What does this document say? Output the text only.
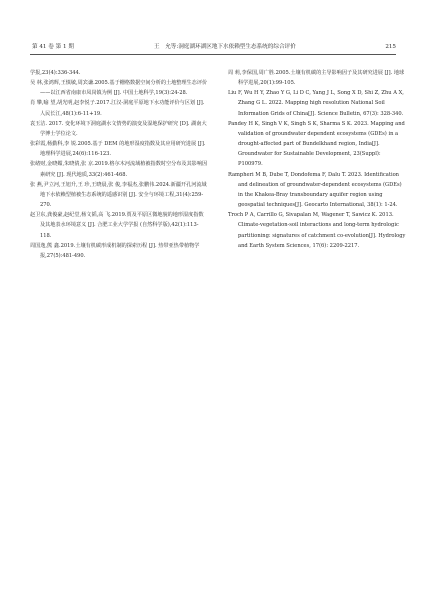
第 41 卷 第 1 期	王　允等:洞庭湖环湖区地下水依赖型生态系统的综合评价	215

学报,23(4):336-344.

吴 林,张鸿辉,王慎敏,周宾谦.2005.基于栅格数据空间分析的土地整理生态评价——以江西省南康市凤岗镇为例 [J]. 中国土地科学,19(3):24-28.

肖 攀,喻 望,胡光明,赵李悦子.2017.江汉-洞庭平原地下水功能评价与区划 [J]. 人民长江,48(1):6-11+19.

袁玉洁. 2017. 变化环境下洞庭湖水文情势的演变及湿地保护研究 [D]. 湖南大学博士学位论文.

张彩霞,杨勤科,李 锐.2005.基于 DEM 的地形湿度指数及其应用研究进展 [J]. 地理科学进展,24(6):116-123.

张绪财,金晓媚,朱晓倩,张 京.2019.格尔木河流域植被指数时空分布及其影响因素研究 [J]. 现代地质,33(2):461-468.

张 燕,尹立河,王旭升,王 珍,王晓晨,张 俊,李福杰,张鹏伟.2024.新疆开孔河流域地下水依赖型植被生态系统的遥感识别 [J]. 安全与环境工程,31(4):259-270.

赵卫东,龚俊豪,赵纪堂,杨文韬,高 飞.2019.贾及平原区微地貌的地形湿度指数及其地表水环境意义 [J]. 合肥工业大学学报 (自然科学版),42(1):113-118.

周国逸,熊 鑫.2019.土壤有机碳形成机制的探索历程 [J]. 热带亚热带植物学报,27(5):481-490.

周 莉,李保国,周广胜.2005.土壤有机碳的主导影响因子及其研究进展 [J]. 地球科学进展,20(1):99-105.

Liu F, Wu H Y, Zhao Y G, Li D C, Yang J L, Song X D, Shi Z, Zhu A X, Zhang G L. 2022. Mapping high resolution National Soil Information Grids of China[J]. Science Bulletin, 67(3): 328-340.

Pandey H K, Singh V K, Singh S K, Sharma S K. 2023. Mapping and validation of groundwater dependent ecosystems (GDEs) in a drought-affected part of Bundelkhand region, India[J]. Groundwater for Sustainable Development, 23(Suppl): P100979.

Rampheri M B, Dube T, Dondofema F, Dalu T. 2023. Identification and delineation of groundwater-dependent ecosystems (GDEs) in the Khakea-Bray transboundary aquifer region using geospatial techniques[J]. Geocarto International, 38(1): 1-24.

Troch P A, Carrillo G, Sivapalan M, Wagener T, Sawicz K. 2013. Climate-vegetation-soil interactions and long-term hydrologic partitioning: signatures of catchment co-evolution[J]. Hydrology and Earth System Sciences, 17(6): 2209-2217.
